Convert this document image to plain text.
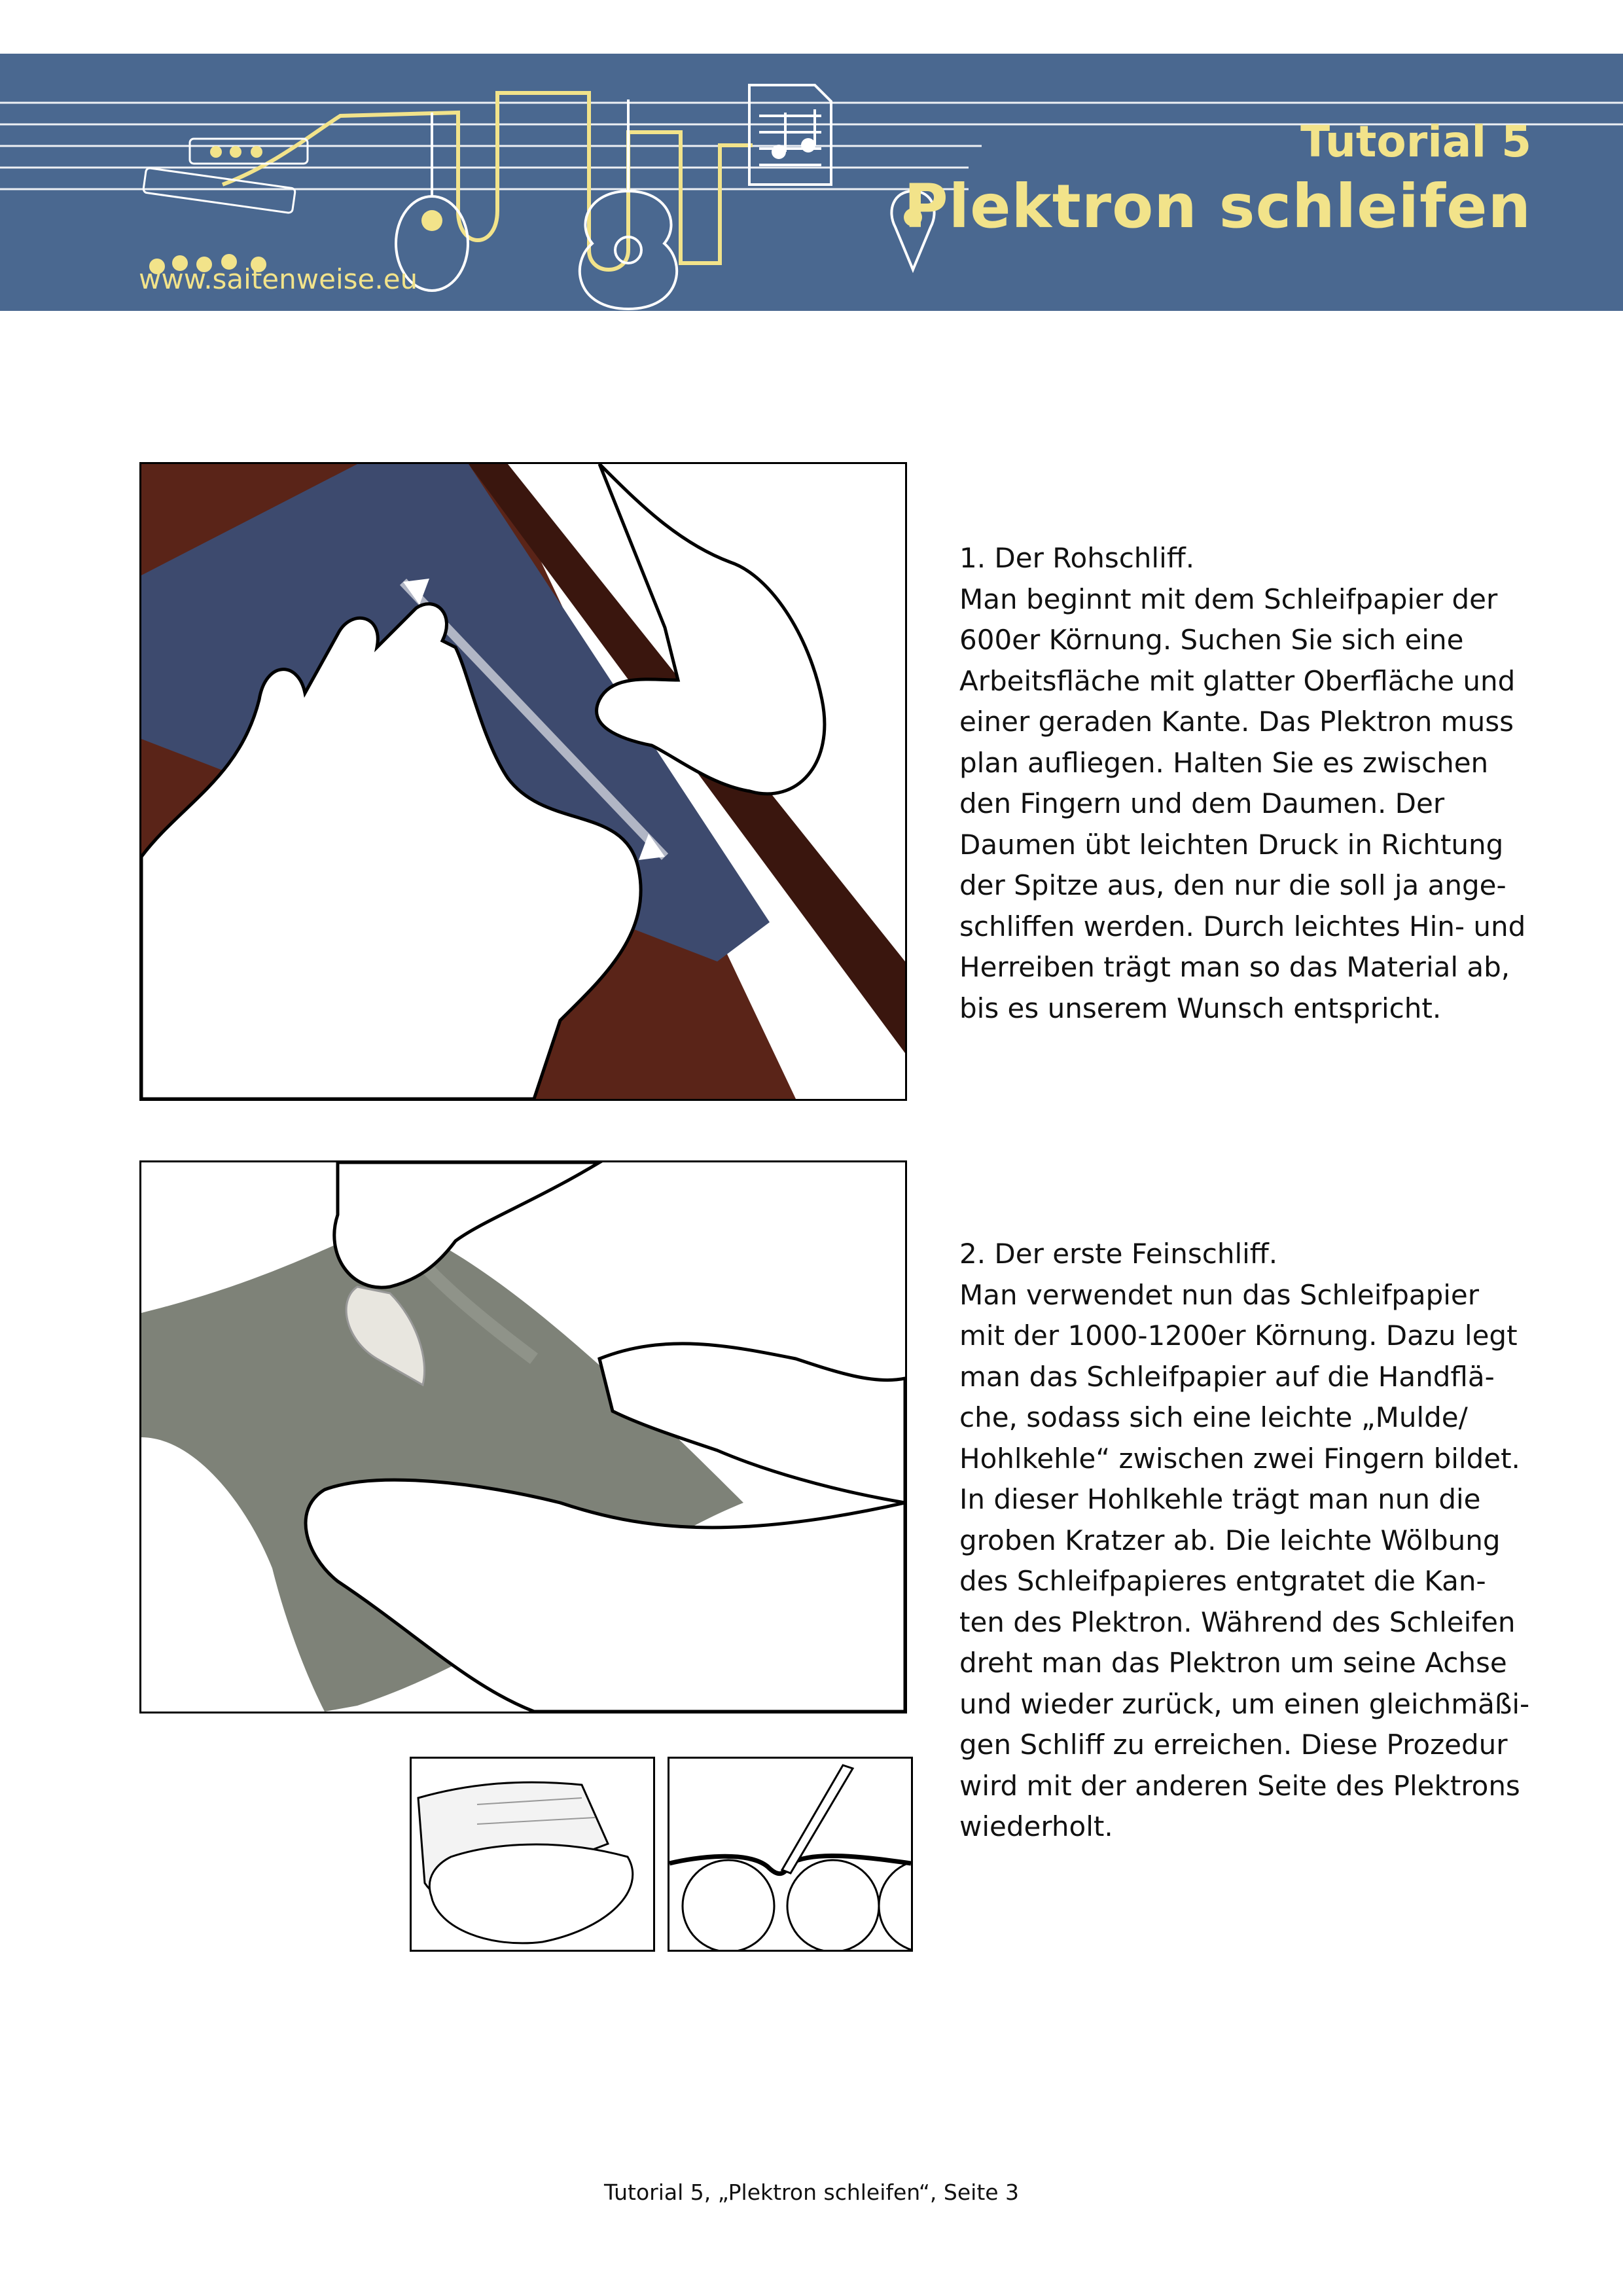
Tutorial 5
Plektron schleifen
www.saitenweise.eu

1. Der Rohschliff.

Man beginnt mit dem Schleifpapier der

600er Körnung. Suchen Sie sich eine

Arbeitsfläche mit glatter Oberfläche und

einer geraden Kante. Das Plektron muss

plan aufliegen. Halten Sie es zwischen

den Fingern und dem Daumen. Der

Daumen übt leichten Druck in Richtung

der Spitze aus, den nur die soll ja ange-

schliffen werden. Durch leichtes Hin- und

Herreiben trägt man so das Material ab,

bis es unserem Wunsch entspricht.

2. Der erste Feinschliff.

Man verwendet nun das Schleifpapier

mit der 1000-1200er Körnung. Dazu legt

man das Schleifpapier auf die Handflä-

che, sodass sich eine leichte „Mulde/

Hohlkehle“ zwischen zwei Fingern bildet.

In dieser Hohlkehle trägt man nun die

groben Kratzer ab. Die leichte Wölbung

des Schleifpapieres entgratet die Kan-

ten des Plektron. Während des Schleifen

dreht man das Plektron um seine Achse

und wieder zurück, um einen gleichmäßi-

gen Schliff zu erreichen. Diese Prozedur

wird mit der anderen Seite des Plektrons

wiederholt.

Tutorial 5, „Plektron schleifen“, Seite 3
